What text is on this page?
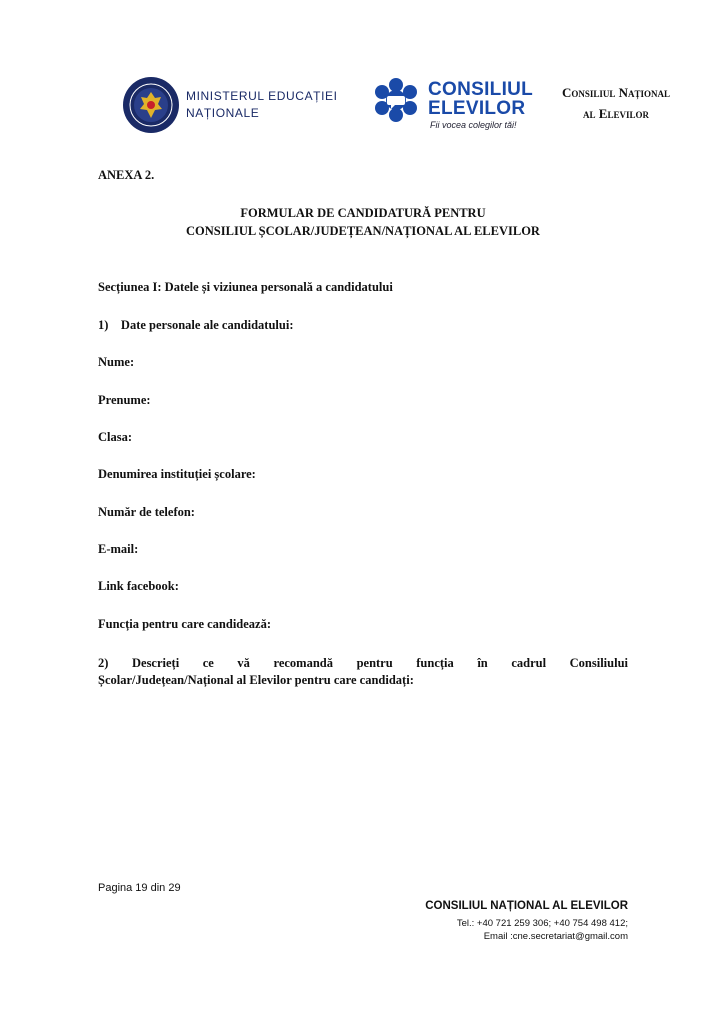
MINISTERUL EDUCAȚIEI
NAȚIONALE
CONSILIUL
ELEVILOR
Fii vocea colegilor tăi!
Consiliul Național
al Elevilor
ANEXA 2.
FORMULAR DE CANDIDATURĂ PENTRU
CONSILIUL ȘCOLAR/JUDEȚEAN/NAȚIONAL AL ELEVILOR
Secțiunea I: Datele și viziunea personală a candidatului
1)    Date personale ale candidatului:
Nume:
Prenume:
Clasa:
Denumirea instituției școlare:
Număr de telefon:
E-mail:
Link facebook:
Funcția pentru care candidează:
2) Descrieți ce vă recomandă pentru funcția în cadrul Consiliului
Școlar/Județean/Național al Elevilor pentru care candidați:
Pagina 19 din 29
CONSILIUL NAȚIONAL AL ELEVILOR
Tel.: +40 721 259 306; +40 754 498 412;
Email :cne.secretariat@gmail.com
